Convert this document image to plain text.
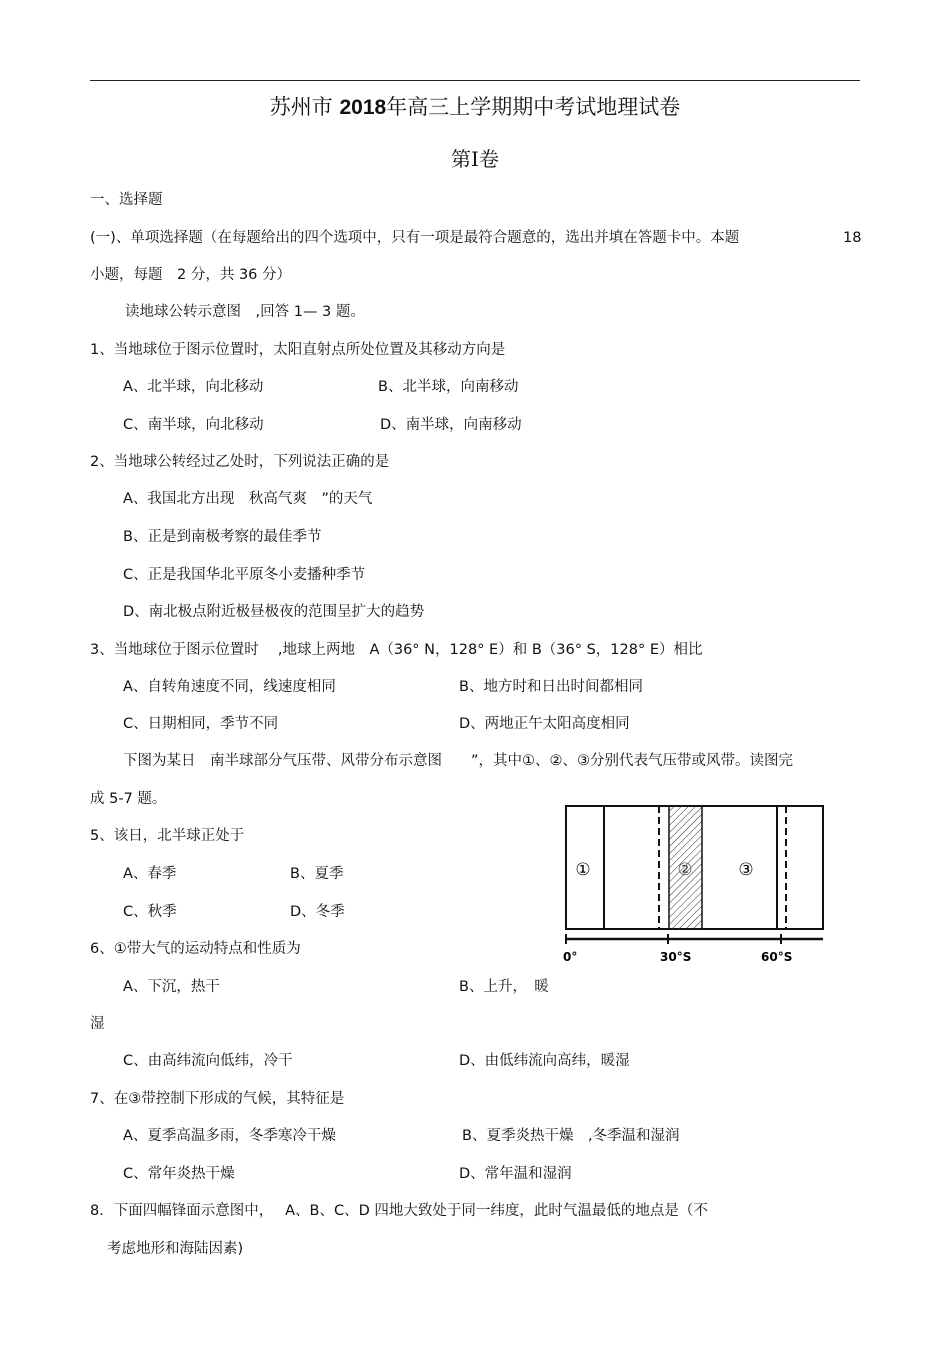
苏州市 2018年高三上学期期中考试地理试卷
第Ⅰ卷
一、选择题
(一)、单项选择题（在每题给出的四个选项中，只有一项是最符合题意的，选出并填在答题卡中。本题	18
小题，每题　2 分，共 36 分）
读地球公转示意图　,回答 1— 3 题。
1、当地球位于图示位置时，太阳直射点所处位置及其移动方向是
A、北半球，向北移动	B、北半球，向南移动
C、南半球，向北移动	D、南半球，向南移动
2、当地球公转经过乙处时，下列说法正确的是
A、我国北方出现　秋高气爽　”的天气
B、正是到南极考察的最佳季节
C、正是我国华北平原冬小麦播种季节
D、南北极点附近极昼极夜的范围呈扩大的趋势
3、当地球位于图示位置时　 ,地球上两地　A（36° N，128° E）和 B（36° S，128° E）相比
A、自转角速度不同，线速度相同	B、地方时和日出时间都相同
C、日期相同，季节不同	D、两地正午太阳高度相同
下图为某日　南半球部分气压带、风带分布示意图　　”，其中①、②、③分别代表气压带或风带。读图完
成 5-7 题。
5、该日，北半球正处于
A、春季	B、夏季
C、秋季	D、冬季
6、①带大气的运动特点和性质为
A、下沉，热干	B、上升，　暖
湿
C、由高纬流向低纬，冷干	D、由低纬流向高纬，暖湿
7、在③带控制下形成的气候，其特征是
A、夏季高温多雨，冬季寒冷干燥	B、夏季炎热干燥　,冬季温和湿润
C、常年炎热干燥	D、常年温和湿润
8．下面四幅锋面示意图中，　 A、B、C、D 四地大致处于同一纬度，此时气温最低的地点是（不
考虑地形和海陆因素)
①	②	③
0°	30°S	60°S
